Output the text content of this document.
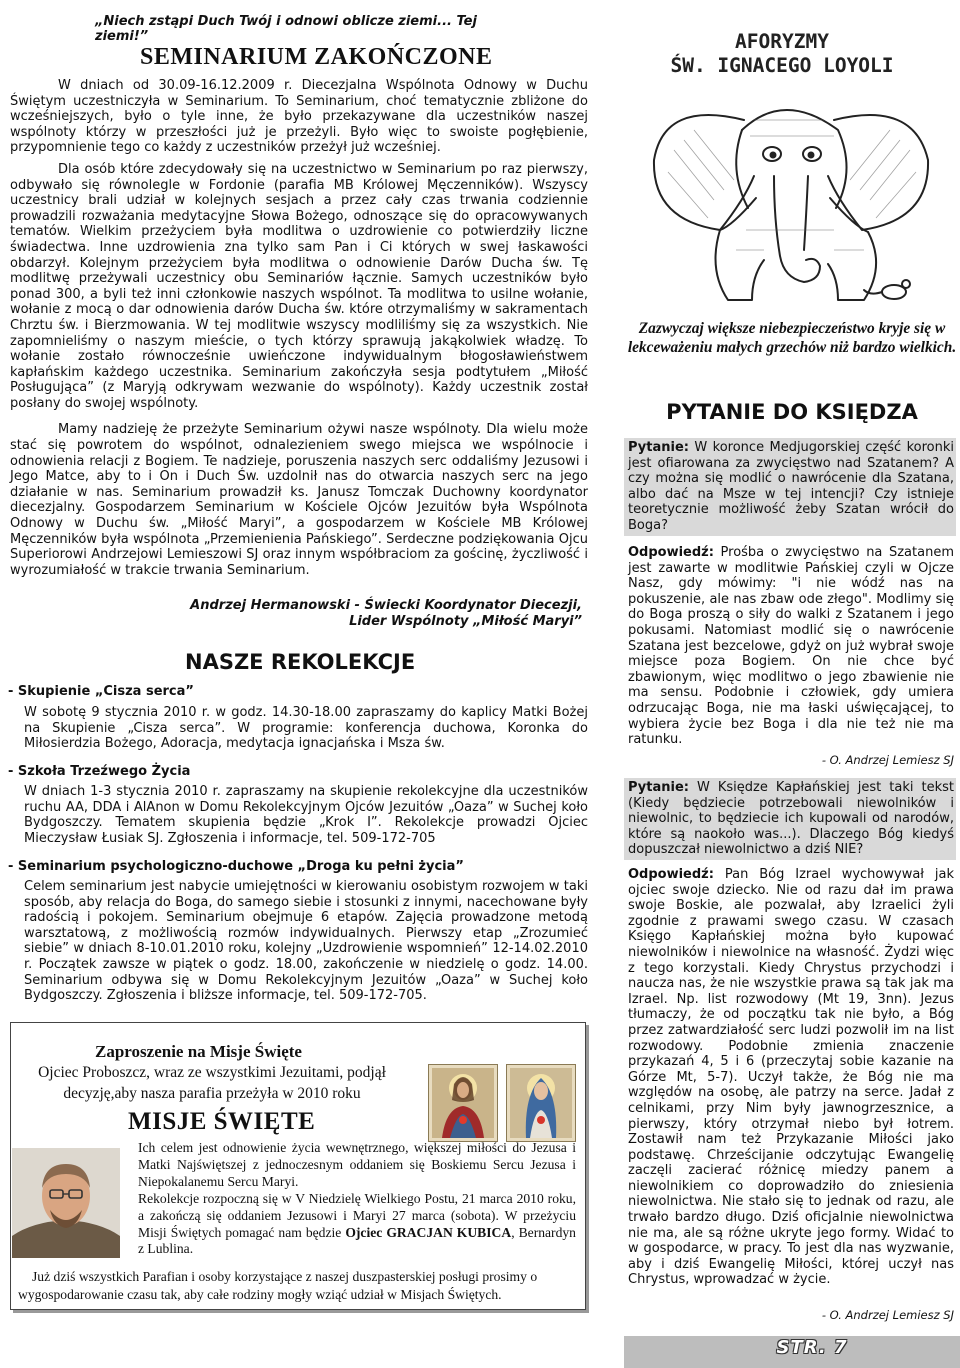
„Niech zstąpi Duch Twój i odnowi oblicze ziemi... Tej ziemi!”
SEMINARIUM ZAKOŃCZONE

W dniach od 30.09-16.12.2009 r. Diecezjalna Wspólnota Odnowy w Duchu Świętym uczestniczyła w Seminarium. To Seminarium, choć tematycznie zbliżone do wcześniejszych, było o tyle inne, że było przekazywane dla uczestników naszej wspólnoty którzy w przeszłości już je przeżyli. Było więc to swoiste pogłębienie, przypomnienie tego co każdy z uczestników przeżył już wcześniej.

Dla osób które zdecydowały się na uczestnictwo w Seminarium po raz pierwszy, odbywało się równolegle w Fordonie (parafia MB Królowej Męczenników). Wszyscy uczestnicy brali udział w kolejnych sesjach a przez cały czas trwania codziennie prowadzili rozważania medytacyjne Słowa Bożego, odnoszące się do opracowywanych tematów. Wielkim przeżyciem była modlitwa o uzdrowienie co potwierdziły liczne świadectwa. Inne uzdrowienia zna tylko sam Pan i Ci których w swej łaskawości obdarzył. Kolejnym przeżyciem była modlitwa o odnowienie Darów Ducha św. Tę modlitwę przeżywali uczestnicy obu Seminariów łącznie. Samych uczestników było ponad 300, a byli też inni członkowie naszych wspólnot. Ta modlitwa to usilne wołanie, wołanie z mocą o dar odnowienia darów Ducha św. które otrzymaliśmy w sakramentach Chrztu św. i Bierzmowania. W tej modlitwie wszyscy modliliśmy się za wszystkich. Nie zapomnieliśmy o naszym mieście, o tych którzy sprawują jakąkolwiek władzę. To wołanie zostało równocześnie uwieńczone indywidualnym błogosławieństwem kapłańskim każdego uczestnika. Seminarium zakończyła sesja podtytułem „Miłość Posługująca” (z Maryją odkrywam wezwanie do wspólnoty). Każdy uczestnik został posłany do swojej wspólnoty.

Mamy nadzieję że przeżyte Seminarium ożywi nasze wspólnoty. Dla wielu może stać się powrotem do wspólnot, odnalezieniem swego miejsca we wspólnocie i odnowienia relacji z Bogiem. Te nadzieje, poruszenia naszych serc oddaliśmy Jezusowi i Jego Matce, aby to i On i Duch Św. uzdolnił nas do otwarcia naszych serc na jego działanie w nas. Seminarium prowadził ks. Janusz Tomczak Duchowny koordynator diecezjalny. Gospodarzem Seminarium w Kościele Ojców Jezuitów była Wspólnota Odnowy w Duchu św. „Miłość Maryi”, a gospodarzem w Kościele MB Królowej Męczenników była wspólnota „Przemienienia Pańskiego”. Serdeczne podziękowania Ojcu Superiorowi Andrzejowi Lemieszowi SJ oraz innym współbraciom za gościnę, życzliwość i wyrozumiałość w trakcie trwania Seminarium.

Andrzej Hermanowski - Świecki Koordynator Diecezji,
Lider Wspólnoty „Miłość Maryi”
NASZE REKOLEKCJE
- Skupienie „Cisza serca”
W sobotę 9 stycznia 2010 r. w godz. 14.30-18.00 zapraszamy do kaplicy Matki Bożej na Skupienie „Cisza serca”. W programie: konferencja duchowa, Koronka do Miłosierdzia Bożego, Adoracja, medytacja ignacjańska i Msza św.
- Szkoła Trzeźwego Życia
W dniach 1-3 stycznia 2010 r. zapraszamy na skupienie rekolekcyjne dla uczestników ruchu AA, DDA i AlAnon w Domu Rekolekcyjnym Ojców Jezuitów „Oaza” w Suchej koło Bydgoszczy. Tematem skupienia będzie „Krok I”. Rekolekcje prowadzi Ojciec Mieczysław Łusiak SJ. Zgłoszenia i informacje, tel. 509-172-705
- Seminarium psychologiczno-duchowe „Droga ku pełni życia”
Celem seminarium jest nabycie umiejętności w kierowaniu osobistym rozwojem w taki sposób, aby relacja do Boga, do samego siebie i stosunki z innymi, nacechowane były radością i pokojem. Seminarium obejmuje 6 etapów. Zajęcia prowadzone metodą warsztatową, z możliwością rozmów indywidualnych. Pierwszy etap „Zrozumieć siebie” w dniach 8-10.01.2010 roku, kolejny „Uzdrowienie wspomnień” 12-14.02.2010 r. Początek zawsze w piątek o godz. 18.00, zakończenie w niedzielę o godz. 14.00. Seminarium odbywa się w Domu Rekolekcyjnym Jezuitów „Oaza” w Suchej koło Bydgoszczy. Zgłoszenia i bliższe informacje, tel. 509-172-705.
Zaproszenie na Misje Święte
Ojciec Proboszcz, wraz ze wszystkimi Jezuitami, podjął decyzję,aby nasza parafia przeżyła w 2010 roku
MISJE ŚWIĘTE

Ich celem jest odnowienie życia wewnętrznego, większej miłości do Jezusa i Matki Najświętszej z jednoczesnym oddaniem się Boskiemu Sercu Jezusa i Niepokalanemu Sercu Maryi.

Rekolekcje rozpoczną się w V Niedzielę Wielkiego Postu, 21 marca 2010 roku, a zakończą się oddaniem Jezusowi i Maryi 27 marca (sobota). W przeżyciu Misji Świętych pomagać nam będzie Ojciec GRACJAN KUBICA, Bernardyn z Lublina.

Już dziś wszystkich Parafian i osoby korzystające z naszej duszpasterskiej posługi prosimy o wygospodarowanie czasu tak, aby całe rodziny mogły wziąć udział w Misjach Świętych.
AFORYZMY
ŚW. IGNACEGO LOYOLI
Zazwyczaj większe niebezpieczeństwo kryje się w lekceważeniu małych grzechów niż bardzo wielkich.
PYTANIE DO KSIĘDZA
Pytanie: W koronce Medjugorskiej część koronki jest ofiarowana za zwycięstwo nad Szatanem? A czy można się modlić o nawrócenie dla Szatana, albo dać na Msze w tej intencji? Czy istnieje teoretycznie możliwość żeby Szatan wrócił do Boga?
Odpowiedź: Prośba o zwycięstwo na Szatanem jest zawarte w modlitwie Pańskiej czyli w Ojcze Nasz, gdy mówimy: "i nie wódź nas na pokuszenie, ale nas zbaw ode złego". Modlimy się do Boga proszą o siły do walki z Szatanem i jego pokusami. Natomiast modlić się o nawrócenie Szatana jest bezcelowe, gdyż on już wybrał swoje miejsce poza Bogiem. On nie chce być zbawionym, więc modlitwo o jego zbawienie nie ma sensu. Podobnie i człowiek, gdy umiera odrzucając Boga, nie ma łaski uświęcającej, to wybiera życie bez Boga i dla nie też nie ma ratunku.
- O. Andrzej Lemiesz SJ
Pytanie: W Księdze Kapłańskiej jest taki tekst (Kiedy będziecie potrzebowali niewolników i niewolnic, to będziecie ich kupowali od narodów, które są naokoło was...). Dlaczego Bóg kiedyś dopuszczał niewolnictwo a dziś NIE?
Odpowiedź: Pan Bóg Izrael wychowywał jak ojciec swoje dziecko. Nie od razu dał im prawa swoje Boskie, ale pozwalał, aby Izraelici żyli zgodnie z prawami swego czasu. W czasach Księgo Kapłańskiej można było kupować niewolników i niewolnice na własność. Żydzi więc z tego korzystali. Kiedy Chrystus przychodzi i naucza nas, że nie wszystkie prawa są tak jak ma Izrael. Np. list rozwodowy (Mt 19, 3nn). Jezus tłumaczy, że od początku tak nie było, a Bóg przez zatwardziałość serc ludzi pozwolił im na list rozwodowy. Podobnie zmienia znaczenie przykazań 4, 5 i 6 (przeczytaj sobie kazanie na Górze Mt, 5-7). Uczył także, że Bóg nie ma względów na osobę, ale patrzy na serce. Jadał z celnikami, przy Nim były jawnogrzesznice, a pierwszy, który otrzymał niebo był łotrem. Zostawił nam też Przykazanie Miłości jako podstawę. Chrześcijanie odczytując Ewangelię zaczęli zacierać różnicę miedzy panem a niewolnikiem co doprowadziło do zniesienia niewolnictwa. Nie stało się to jednak od razu, ale trwało bardzo długo. Dziś oficjalnie niewolnictwa nie ma, ale są różne ukryte jego formy. Widać to w gospodarce, w pracy. To jest dla nas wyzwanie, aby i dziś Ewangelię Miłości, której uczył nas Chrystus, wprowadzać w życie.
- O. Andrzej Lemiesz SJ
STR. 7
